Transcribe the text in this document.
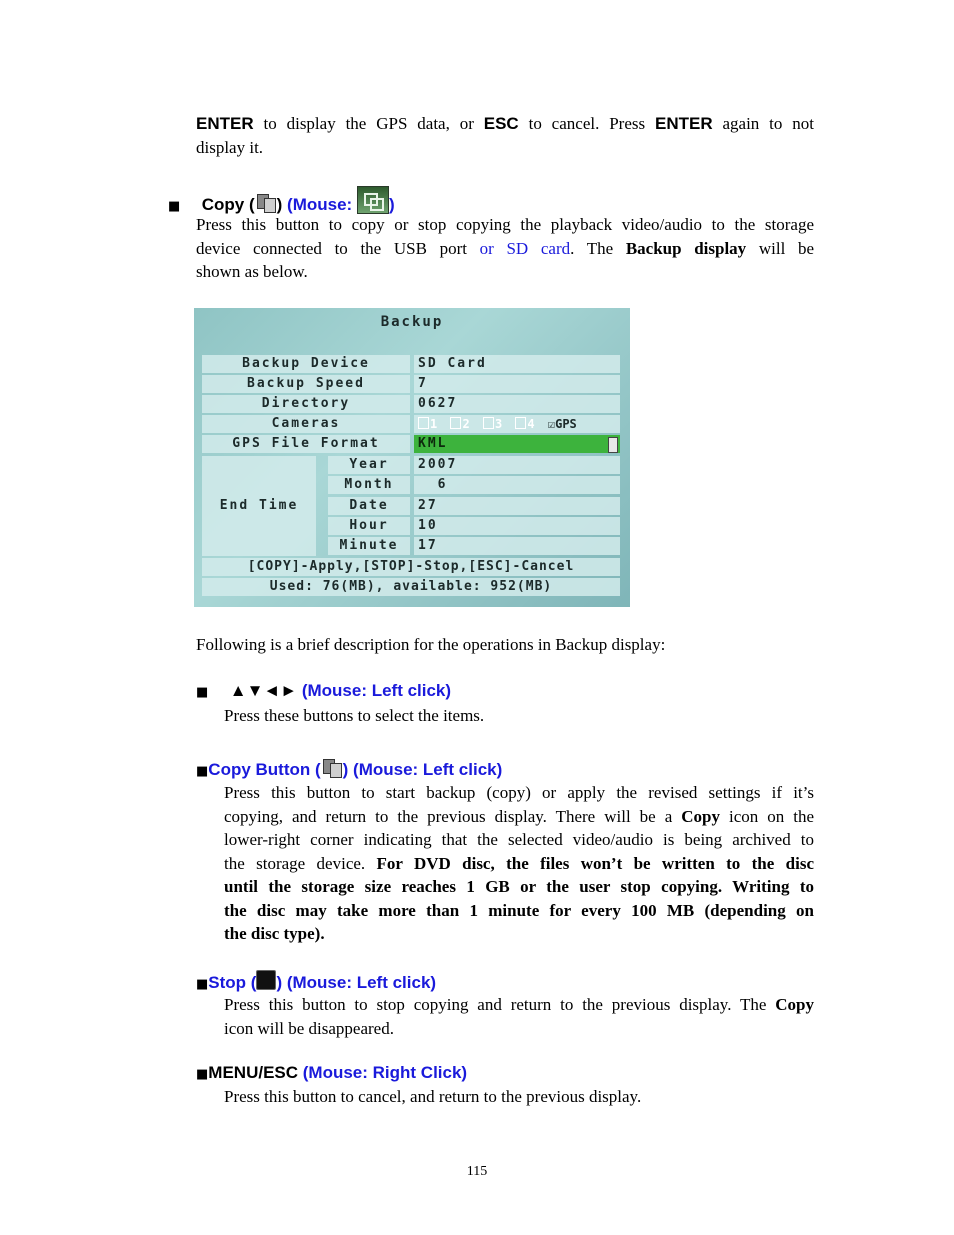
ENTER to display the GPS data, or ESC to cancel. Press ENTER again to not
display it.
■ Copy ( ) (Mouse: )
Press this button to copy or stop copying the playback video/audio to the storage
device connected to the USB port or SD card. The Backup display will be
shown as below.
Backup
Backup Device	SD Card
Backup Speed	7
Directory	0627
Cameras	1 2 3 4 ☑GPS
GPS File Format	KML
End Time
Year	2007
Month	6
Date	27
Hour	10
Minute	17
[COPY]-Apply,[STOP]-Stop,[ESC]-Cancel
Used: 76(MB), available: 952(MB)
Following is a brief description for the operations in Backup display:
■ ▲▼◄► (Mouse: Left click)
Press these buttons to select the items.
■Copy Button ( ) (Mouse: Left click)
Press this button to start backup (copy) or apply the revised settings if it’s
copying, and return to the previous display. There will be a Copy icon on the
lower-right corner indicating that the selected video/audio is being archived to
the storage device. For DVD disc, the files won’t be written to the disc
until the storage size reaches 1 GB or the user stop copying. Writing to
the disc may take more than 1 minute for every 100 MB (depending on
the disc type).
■Stop ( ) (Mouse: Left click)
Press this button to stop copying and return to the previous display. The Copy
icon will be disappeared.
■MENU/ESC (Mouse: Right Click)
Press this button to cancel, and return to the previous display.
115
